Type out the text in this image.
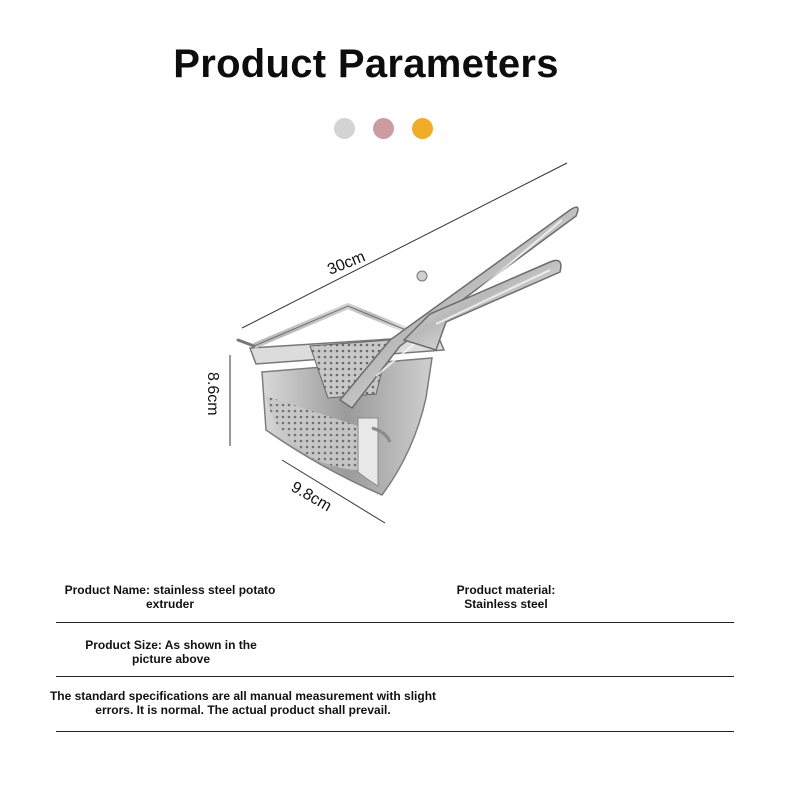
Product Parameters
30cm
8.6cm
9.8cm
Product Name: stainless steel potato extruder
Product material: Stainless steel
Product Size: As shown in the picture above
The standard specifications are all manual measurement with slight errors. It is normal. The actual product shall prevail.
